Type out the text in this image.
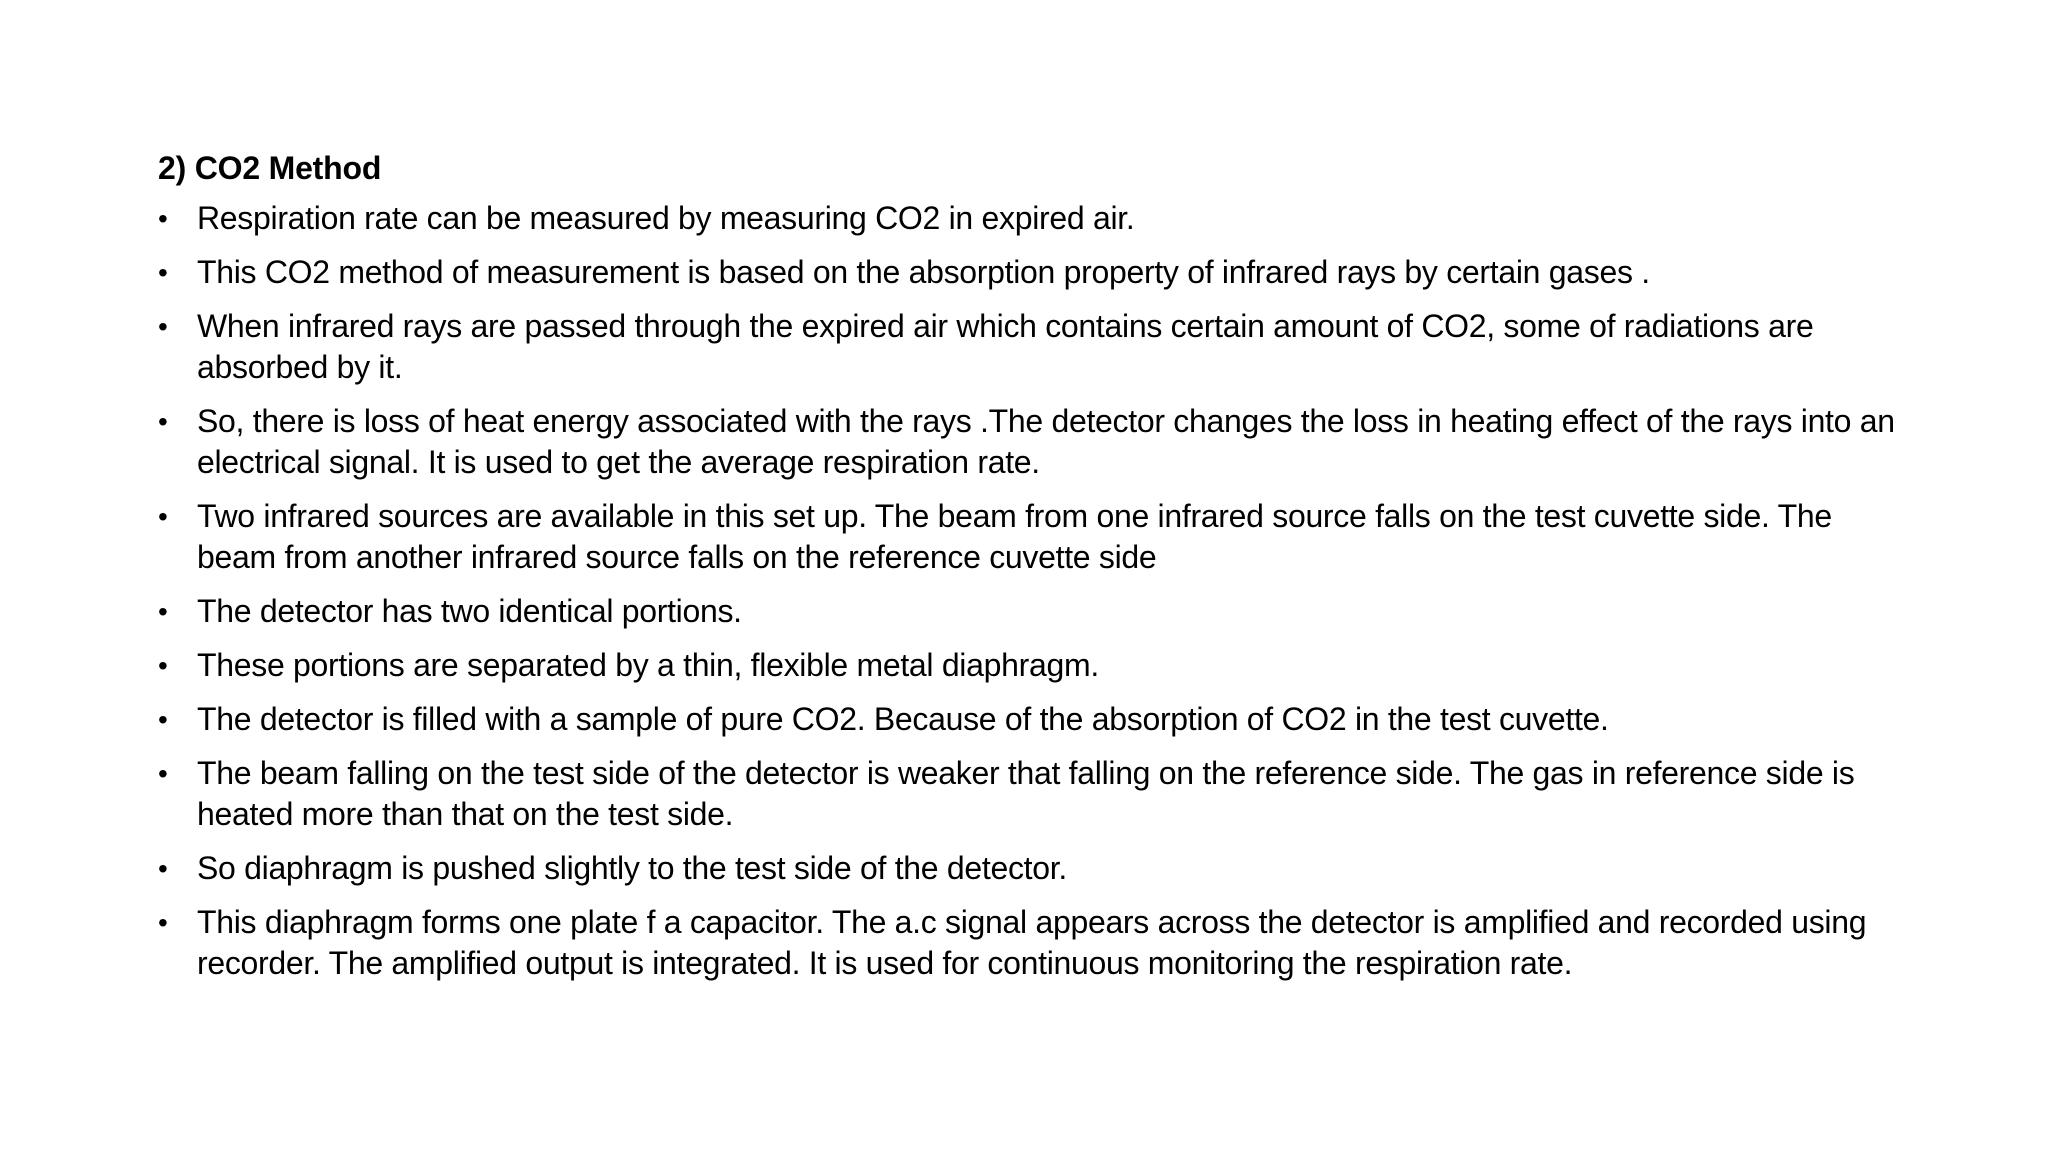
2) CO2 Method
• Respiration rate can be measured by measuring CO2 in expired air.
• This CO2 method of measurement is based on the absorption property of infrared rays by certain gases .
• When infrared rays are passed through the expired air which contains certain amount of CO2, some of radiations are absorbed by it.
• So, there is loss of heat energy associated with the rays .The detector changes the loss in heating effect of the rays into an electrical signal. It is used to get the average respiration rate.
• Two infrared sources are available in this set up. The beam from one infrared source falls on the test cuvette side. The beam from another infrared source falls on the reference cuvette side
• The detector has two identical portions.
• These portions are separated by a thin, flexible metal diaphragm.
• The detector is filled with a sample of pure CO2. Because of the absorption of CO2 in the test cuvette.
• The beam falling on the test side of the detector is weaker that falling on the reference side. The gas in reference side is heated more than that on the test side.
• So diaphragm is pushed slightly to the test side of the detector.
• This diaphragm forms one plate f a capacitor. The a.c signal appears across the detector is amplified and recorded using recorder. The amplified output is integrated. It is used for continuous monitoring the respiration rate.
